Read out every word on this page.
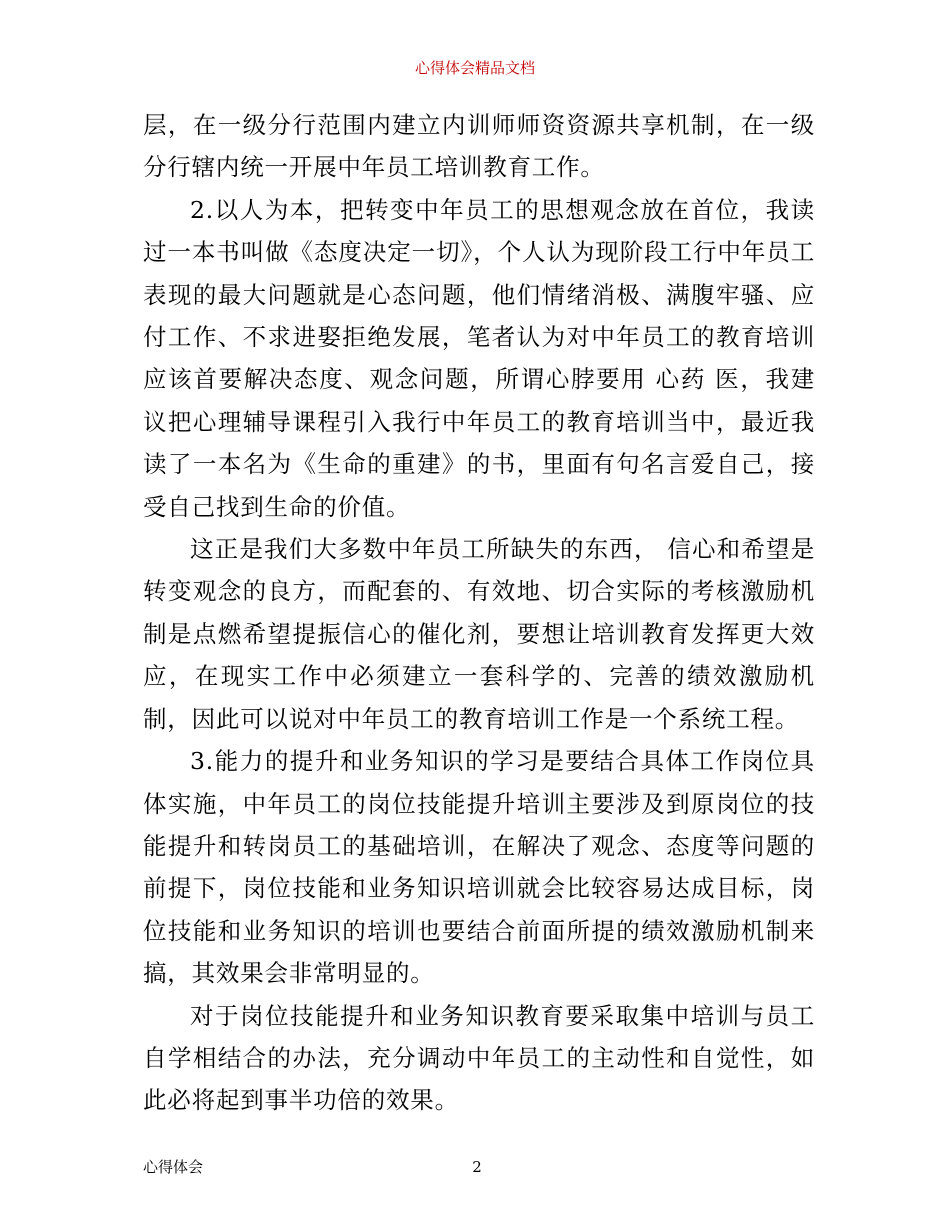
心得体会精品文档

层，在一级分行范围内建立内训师师资资源共享机制，在一级分行辖内统一开展中年员工培训教育工作。

2.以人为本，把转变中年员工的思想观念放在首位，我读过一本书叫做《态度决定一切》，个人认为现阶段工行中年员工表现的最大问题就是心态问题，他们情绪消极、满腹牢骚、应付工作、不求进娶拒绝发展，笔者认为对中年员工的教育培训应该首要解决态度、观念问题，所谓心脖要用 心药 医，我建议把心理辅导课程引入我行中年员工的教育培训当中，最近我读了一本名为《生命的重建》的书，里面有句名言爱自己，接受自己找到生命的价值。

这正是我们大多数中年员工所缺失的东西， 信心和希望是转变观念的良方，而配套的、有效地、切合实际的考核激励机制是点燃希望提振信心的催化剂，要想让培训教育发挥更大效应，在现实工作中必须建立一套科学的、完善的绩效激励机制，因此可以说对中年员工的教育培训工作是一个系统工程。

3.能力的提升和业务知识的学习是要结合具体工作岗位具体实施，中年员工的岗位技能提升培训主要涉及到原岗位的技能提升和转岗员工的基础培训，在解决了观念、态度等问题的前提下，岗位技能和业务知识培训就会比较容易达成目标，岗位技能和业务知识的培训也要结合前面所提的绩效激励机制来搞，其效果会非常明显的。

对于岗位技能提升和业务知识教育要采取集中培训与员工自学相结合的办法，充分调动中年员工的主动性和自觉性，如此必将起到事半功倍的效果。

心得体会	2
